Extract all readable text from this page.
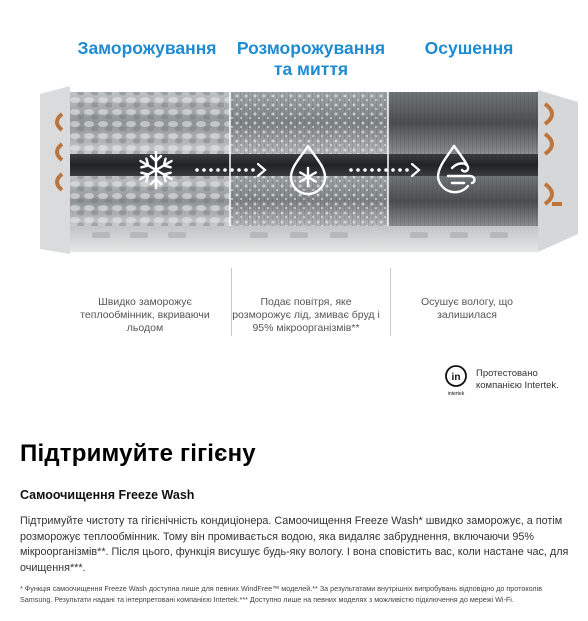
Заморожування	Розморожування та миття
Осушення
Швидко заморожує теплообмінник, вкриваючи льодом
Подає повітря, яке розморожує лід, змиває бруд і 95% мікроорганізмів**
Осушує вологу, що залишилася
in
intertek
Протестовано компанією Intertek.
Підтримуйте гігієну
Самоочищення Freeze Wash
Підтримуйте чистоту та гігієнічність кондиціонера. Самоочищення Freeze Wash* швидко заморожує, а потім розморожує теплообмінник. Тому він промивається водою, яка видаляє забруднення, включаючи 95% мікроорганізмів**. Після цього, функція висушує будь-яку вологу. І вона сповістить вас, коли настане час, для очищення***.
* Функція самоочищення Freeze Wash доступна лише для певних WindFree™ моделей.** За результатами внутрішніх випробувань відповідно до протоколів Samsung. Результати надані та інтерпретовані компанією Intertek.*** Доступно лише на певних моделях з можливістю підключення до мережі Wi-Fi.
